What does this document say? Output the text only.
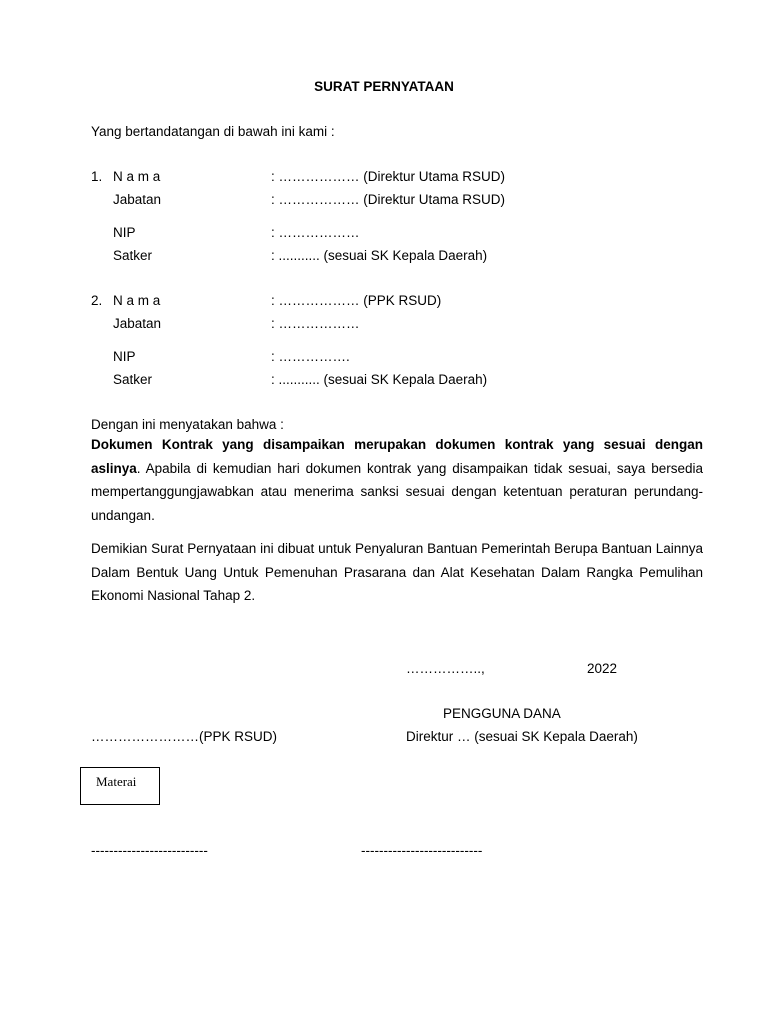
SURAT PERNYATAAN
Yang bertandatangan di bawah ini kami :
1. N a m a	: ……………… (Direktur Utama RSUD)
Jabatan	: ……………… (Direktur Utama RSUD)
NIP	: ………………
Satker	: ........... (sesuai SK Kepala Daerah)
2. N a m a	: ……………… (PPK RSUD)
Jabatan	: ………………
NIP	: …………….
Satker	: ........... (sesuai SK Kepala Daerah)
Dengan ini menyatakan bahwa :
Dokumen Kontrak yang disampaikan merupakan dokumen kontrak yang sesuai dengan aslinya. Apabila di kemudian hari dokumen kontrak yang disampaikan tidak sesuai, saya bersedia mempertanggungjawabkan atau menerima sanksi sesuai dengan ketentuan peraturan perundang-undangan.
Demikian Surat Pernyataan ini dibuat untuk Penyaluran Bantuan Pemerintah Berupa Bantuan Lainnya Dalam Bentuk Uang Untuk Pemenuhan Prasarana dan Alat Kesehatan Dalam Rangka Pemulihan Ekonomi Nasional Tahap 2.
……………..,	2022
PENGGUNA DANA
……………………(PPK RSUD)	Direktur … (sesuai SK Kepala Daerah)
Materai
--------------------------	---------------------------
